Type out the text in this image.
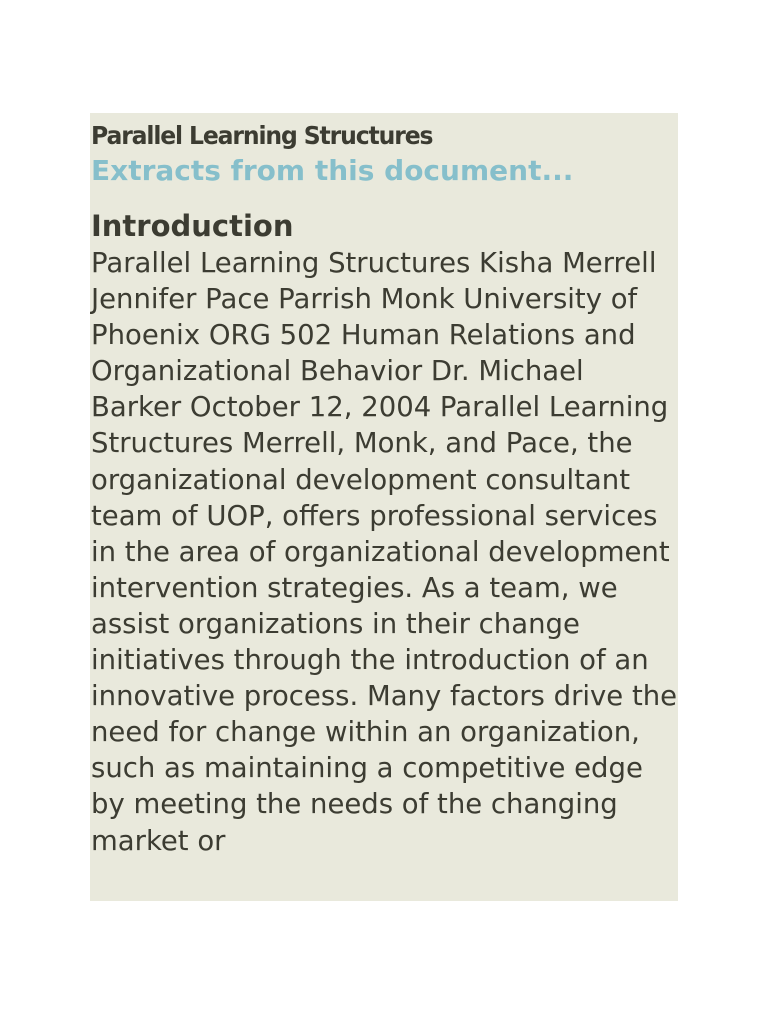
Parallel Learning Structures
Extracts from this document...
Introduction

Parallel Learning Structures Kisha Merrell Jennifer Pace Parrish Monk University of Phoenix ORG 502 Human Relations and Organizational Behavior Dr. Michael Barker October 12, 2004 Parallel Learning Structures Merrell, Monk, and Pace, the organizational development consultant team of UOP, offers professional services in the area of organizational development intervention strategies. As a team, we assist organizations in their change initiatives through the introduction of an innovative process. Many factors drive the need for change within an organization, such as maintaining a competitive edge by meeting the needs of the changing market or
